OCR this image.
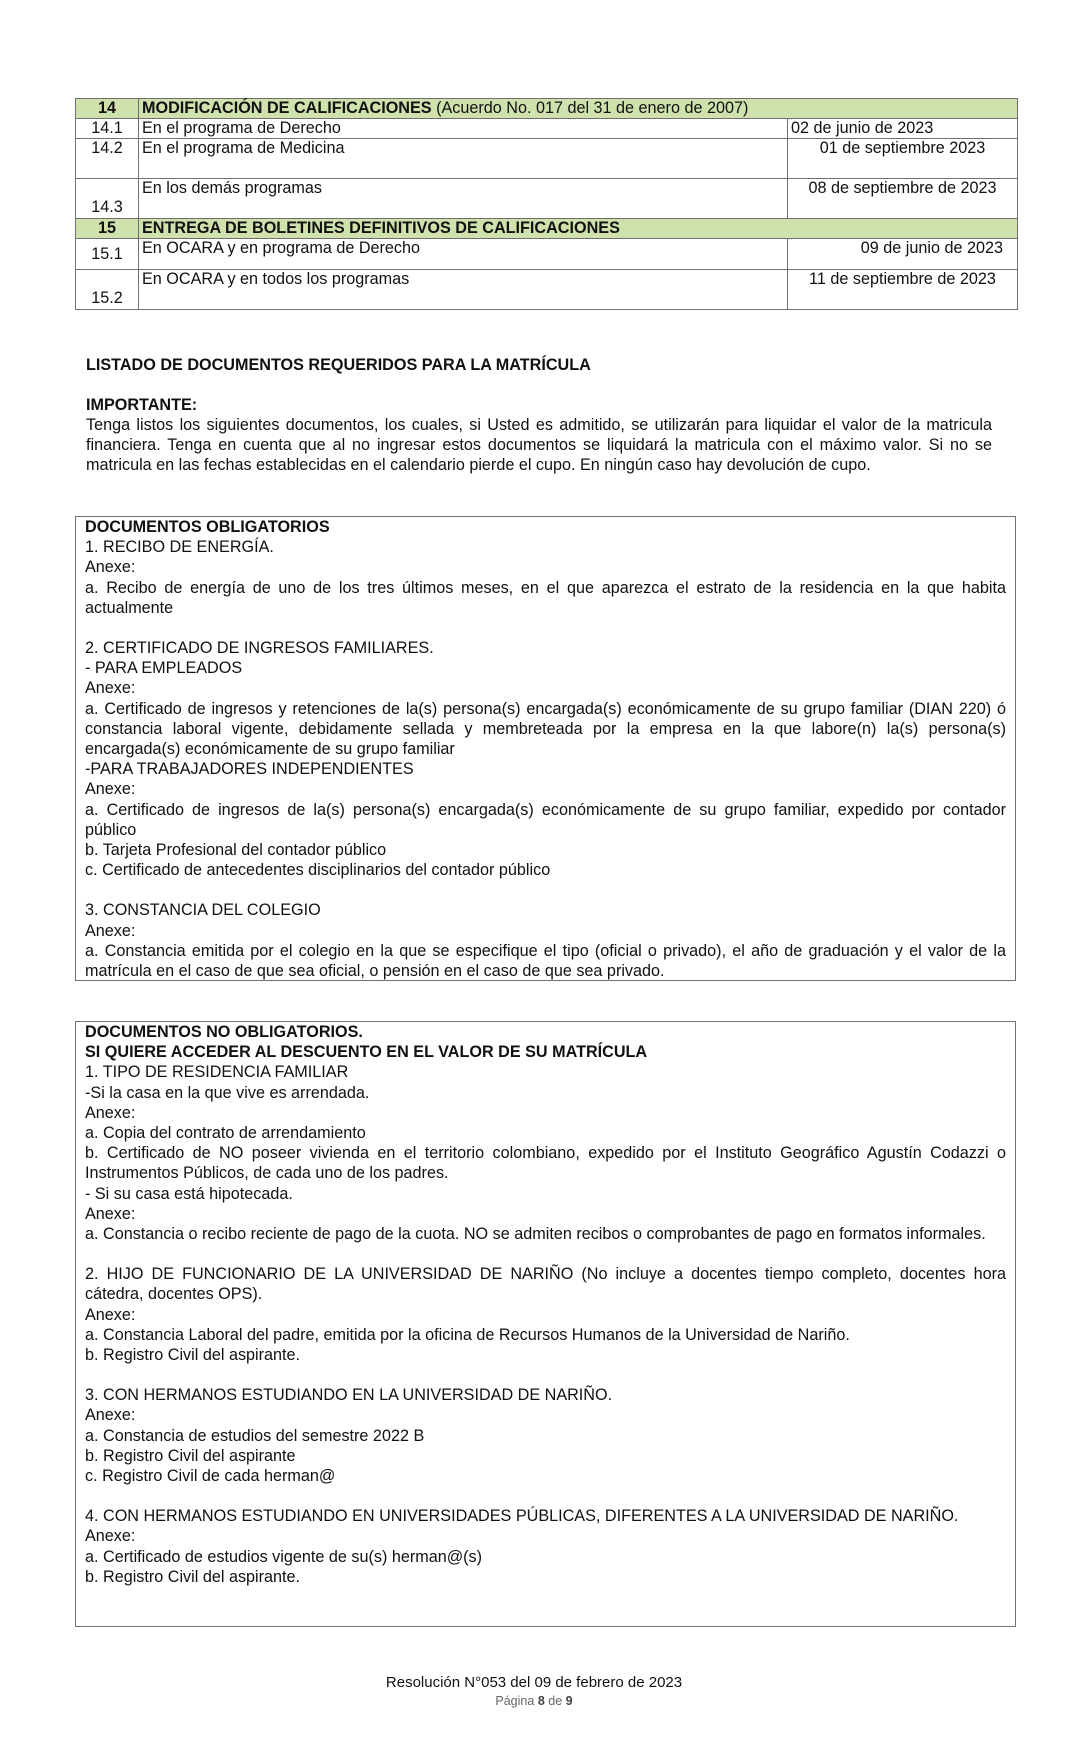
14	MODIFICACIÓN DE CALIFICACIONES (Acuerdo No. 017 del 31 de enero de 2007)	
14.1	En el programa de Derecho	02 de junio de 2023
14.2	En el programa de Medicina	01 de septiembre 2023
14.3	En los demás programas	08 de septiembre de 2023
15	ENTREGA DE BOLETINES DEFINITIVOS DE CALIFICACIONES	
15.1	En OCARA y en programa de Derecho	09 de junio de 2023
15.2	En OCARA y en todos los programas	11 de septiembre de 2023
LISTADO DE DOCUMENTOS REQUERIDOS PARA LA MATRÍCULA
IMPORTANTE:
Tenga listos los siguientes documentos, los cuales, si Usted es admitido, se utilizarán para liquidar el valor de la matricula financiera. Tenga en cuenta que al no ingresar estos documentos se liquidará la matricula con el máximo valor. Si no se matricula en las fechas establecidas en el calendario pierde el cupo. En ningún caso hay devolución de cupo.
DOCUMENTOS OBLIGATORIOS
1. RECIBO DE ENERGÍA.
Anexe:
a. Recibo de energía de uno de los tres últimos meses, en el que aparezca el estrato de la residencia en la que habita actualmente
2. CERTIFICADO DE INGRESOS FAMILIARES.
- PARA EMPLEADOS
Anexe:
a. Certificado de ingresos y retenciones de la(s) persona(s) encargada(s) económicamente de su grupo familiar (DIAN 220) ó constancia laboral vigente, debidamente sellada y membreteada por la empresa en la que labore(n) la(s) persona(s) encargada(s) económicamente de su grupo familiar
-PARA TRABAJADORES INDEPENDIENTES
Anexe:
a. Certificado de ingresos de la(s) persona(s) encargada(s) económicamente de su grupo familiar, expedido por contador público
b. Tarjeta Profesional del contador público
c. Certificado de antecedentes disciplinarios del contador público
3. CONSTANCIA DEL COLEGIO
Anexe:
a. Constancia emitida por el colegio en la que se especifique el tipo (oficial o privado), el año de graduación y el valor de la matrícula en el caso de que sea oficial, o pensión en el caso de que sea privado.
DOCUMENTOS NO OBLIGATORIOS.
SI QUIERE ACCEDER AL DESCUENTO EN EL VALOR DE SU MATRÍCULA
1. TIPO DE RESIDENCIA FAMILIAR
-Si la casa en la que vive es arrendada.
Anexe:
a. Copia del contrato de arrendamiento
b. Certificado de NO poseer vivienda en el territorio colombiano, expedido por el Instituto Geográfico Agustín Codazzi o Instrumentos Públicos, de cada uno de los padres.
- Si su casa está hipotecada.
Anexe:
a. Constancia o recibo reciente de pago de la cuota. NO se admiten recibos o comprobantes de pago en formatos informales.
2. HIJO DE FUNCIONARIO DE LA UNIVERSIDAD DE NARIÑO (No incluye a docentes tiempo completo, docentes hora cátedra, docentes OPS).
Anexe:
a. Constancia Laboral del padre, emitida por la oficina de Recursos Humanos de la Universidad de Nariño.
b. Registro Civil del aspirante.
3. CON HERMANOS ESTUDIANDO EN LA UNIVERSIDAD DE NARIÑO.
Anexe:
a. Constancia de estudios del semestre 2022 B
b. Registro Civil del aspirante
c. Registro Civil de cada herman@
4. CON HERMANOS ESTUDIANDO EN UNIVERSIDADES PÚBLICAS, DIFERENTES A LA UNIVERSIDAD DE NARIÑO.
Anexe:
a. Certificado de estudios vigente de su(s) herman@(s)
b. Registro Civil del aspirante.
Resolución N°053 del 09 de febrero de 2023
Página 8 de 9
